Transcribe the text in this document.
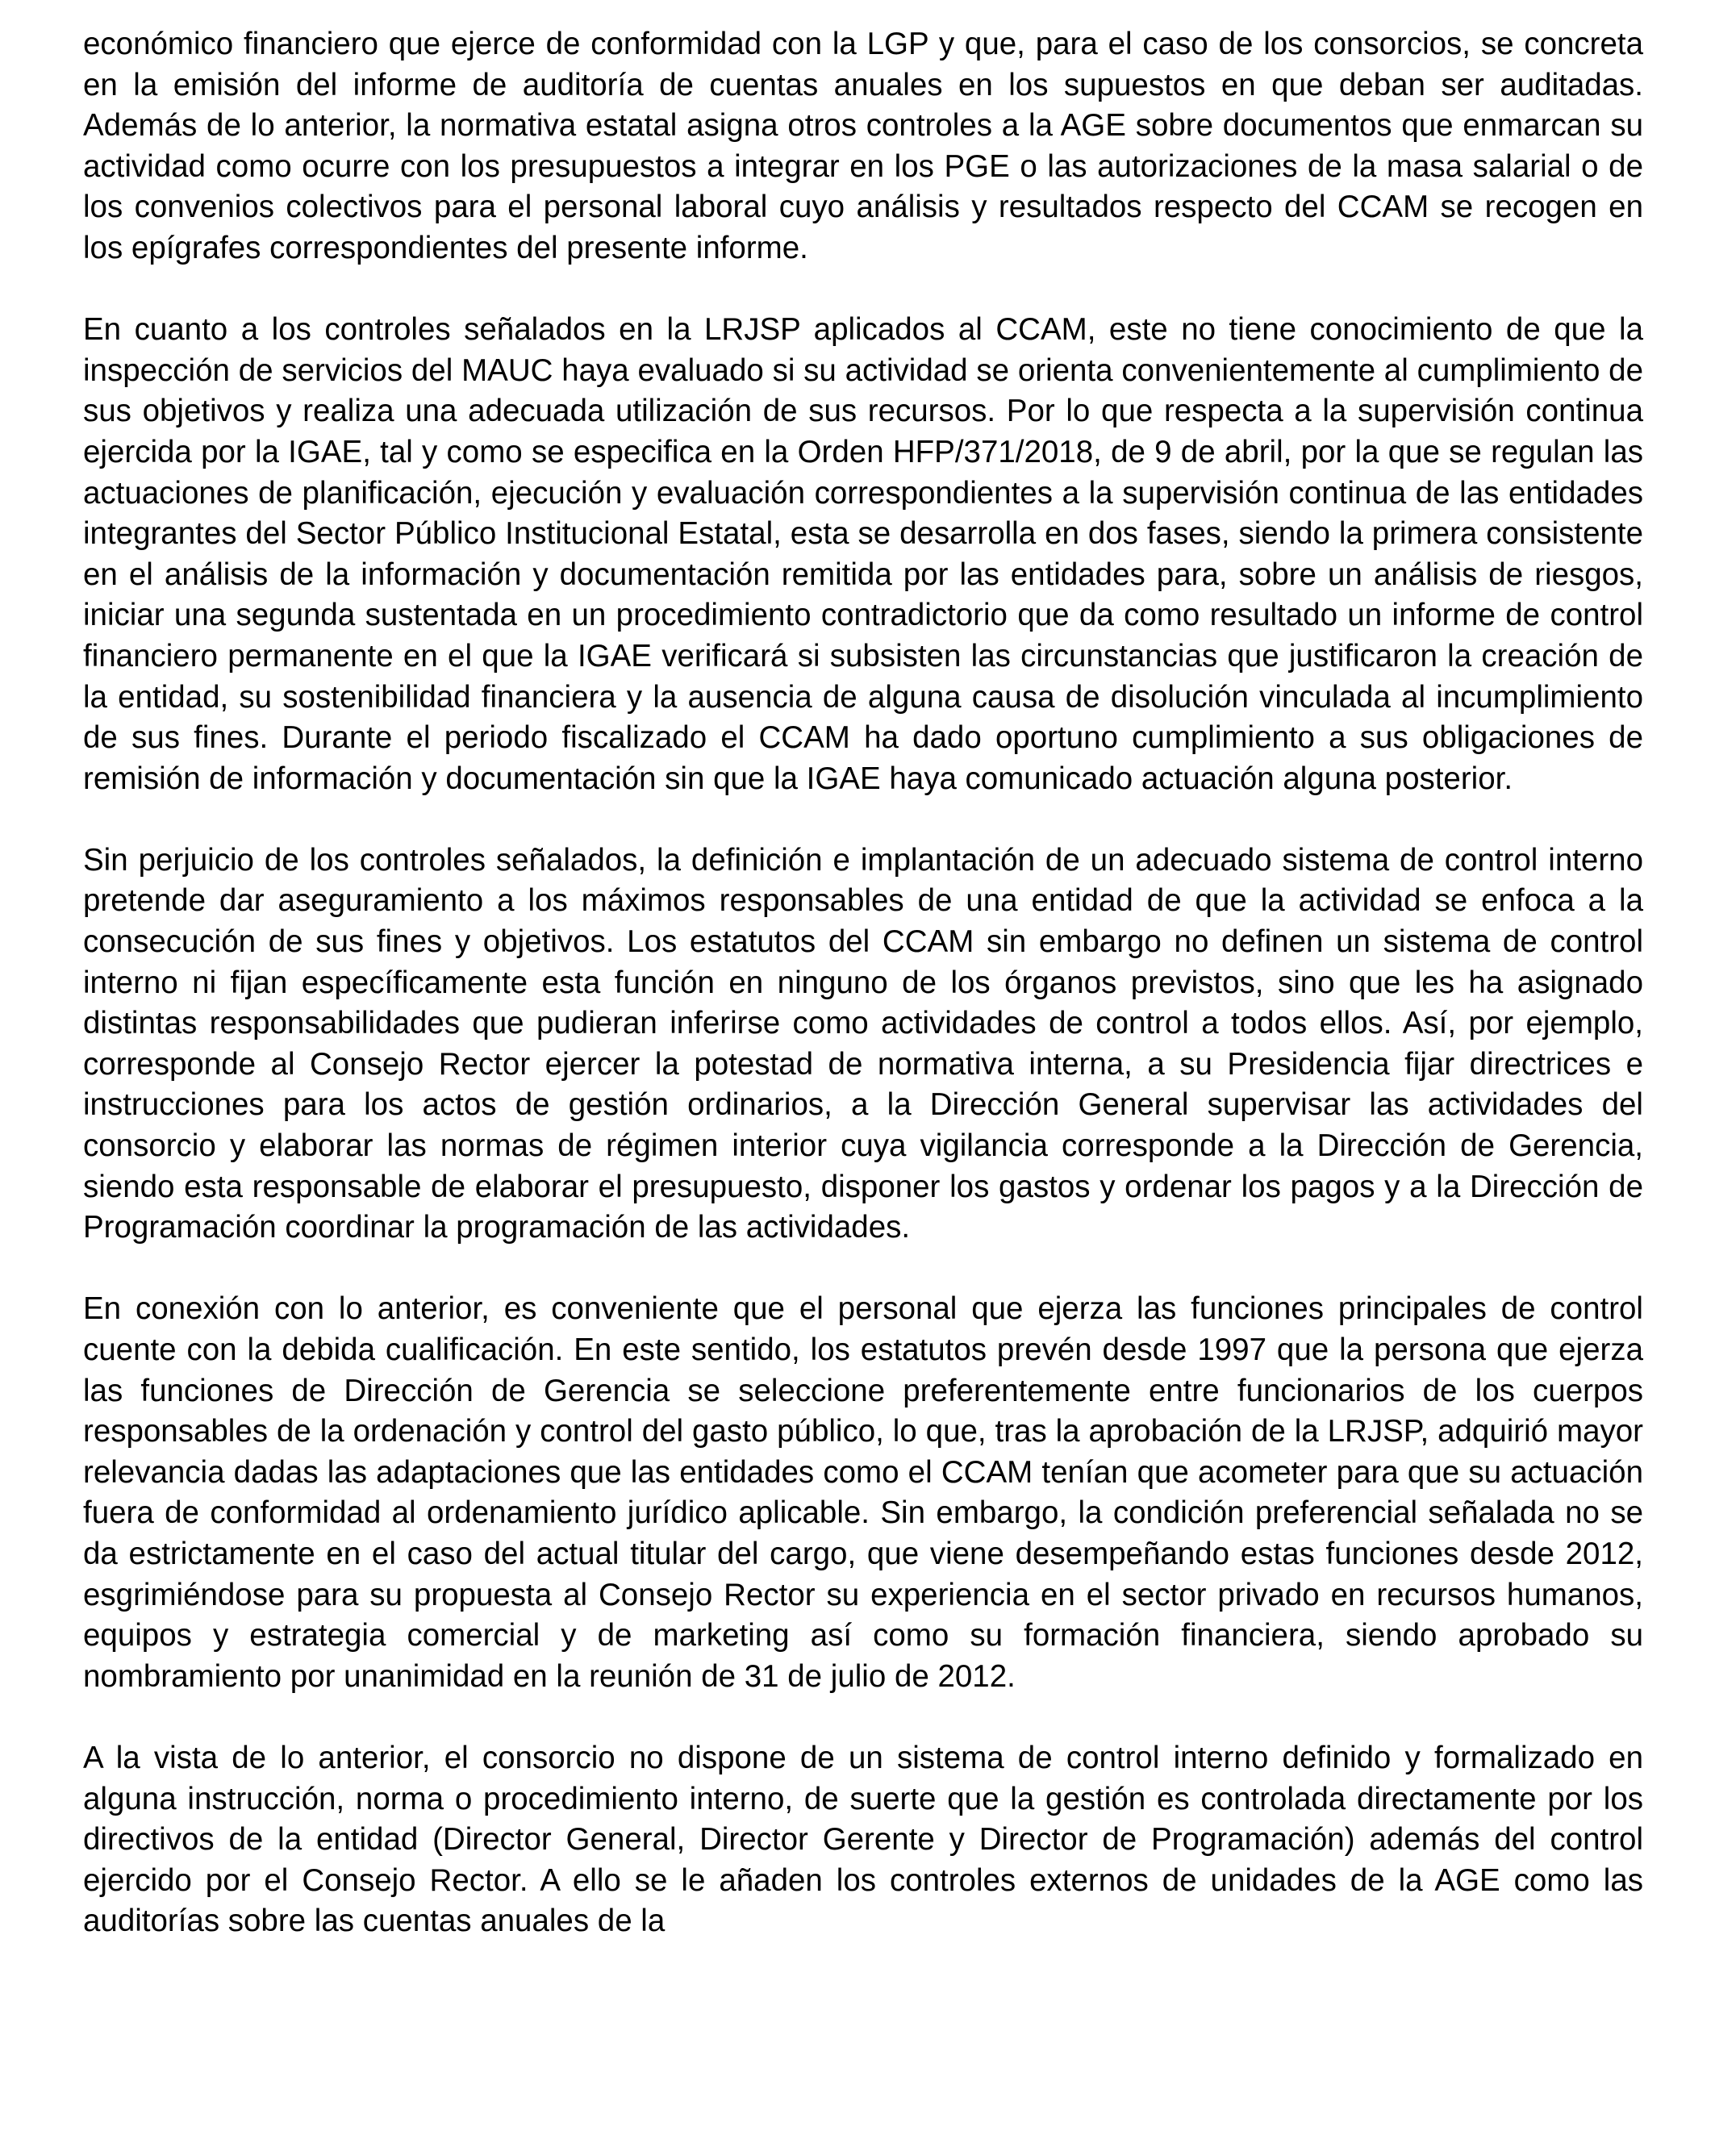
económico financiero que ejerce de conformidad con la LGP y que, para el caso de los consorcios, se concreta en la emisión del informe de auditoría de cuentas anuales en los supuestos en que deban ser auditadas. Además de lo anterior, la normativa estatal asigna otros controles a la AGE sobre documentos que enmarcan su actividad como ocurre con los presupuestos a integrar en los PGE o las autorizaciones de la masa salarial o de los convenios colectivos para el personal laboral cuyo análisis y resultados respecto del CCAM se recogen en los epígrafes correspondientes del presente informe.

En cuanto a los controles señalados en la LRJSP aplicados al CCAM, este no tiene conocimiento de que la inspección de servicios del MAUC haya evaluado si su actividad se orienta convenientemente al cumplimiento de sus objetivos y realiza una adecuada utilización de sus recursos. Por lo que respecta a la supervisión continua ejercida por la IGAE, tal y como se especifica en la Orden HFP/371/2018, de 9 de abril, por la que se regulan las actuaciones de planificación, ejecución y evaluación correspondientes a la supervisión continua de las entidades integrantes del Sector Público Institucional Estatal, esta se desarrolla en dos fases, siendo la primera consistente en el análisis de la información y documentación remitida por las entidades para, sobre un análisis de riesgos, iniciar una segunda sustentada en un procedimiento contradictorio que da como resultado un informe de control financiero permanente en el que la IGAE verificará si subsisten las circunstancias que justificaron la creación de la entidad, su sostenibilidad financiera y la ausencia de alguna causa de disolución vinculada al incumplimiento de sus fines. Durante el periodo fiscalizado el CCAM ha dado oportuno cumplimiento a sus obligaciones de remisión de información y documentación sin que la IGAE haya comunicado actuación alguna posterior.

Sin perjuicio de los controles señalados, la definición e implantación de un adecuado sistema de control interno pretende dar aseguramiento a los máximos responsables de una entidad de que la actividad se enfoca a la consecución de sus fines y objetivos. Los estatutos del CCAM sin embargo no definen un sistema de control interno ni fijan específicamente esta función en ninguno de los órganos previstos, sino que les ha asignado distintas responsabilidades que pudieran inferirse como actividades de control a todos ellos. Así, por ejemplo, corresponde al Consejo Rector ejercer la potestad de normativa interna, a su Presidencia fijar directrices e instrucciones para los actos de gestión ordinarios, a la Dirección General supervisar las actividades del consorcio y elaborar las normas de régimen interior cuya vigilancia corresponde a la Dirección de Gerencia, siendo esta responsable de elaborar el presupuesto, disponer los gastos y ordenar los pagos y a la Dirección de Programación coordinar la programación de las actividades.

En conexión con lo anterior, es conveniente que el personal que ejerza las funciones principales de control cuente con la debida cualificación. En este sentido, los estatutos prevén desde 1997 que la persona que ejerza las funciones de Dirección de Gerencia se seleccione preferentemente entre funcionarios de los cuerpos responsables de la ordenación y control del gasto público, lo que, tras la aprobación de la LRJSP, adquirió mayor relevancia dadas las adaptaciones que las entidades como el CCAM tenían que acometer para que su actuación fuera de conformidad al ordenamiento jurídico aplicable. Sin embargo, la condición preferencial señalada no se da estrictamente en el caso del actual titular del cargo, que viene desempeñando estas funciones desde 2012, esgrimiéndose para su propuesta al Consejo Rector su experiencia en el sector privado en recursos humanos, equipos y estrategia comercial y de marketing así como su formación financiera, siendo aprobado su nombramiento por unanimidad en la reunión de 31 de julio de 2012.

A la vista de lo anterior, el consorcio no dispone de un sistema de control interno definido y formalizado en alguna instrucción, norma o procedimiento interno, de suerte que la gestión es controlada directamente por los directivos de la entidad (Director General, Director Gerente y Director de Programación) además del control ejercido por el Consejo Rector. A ello se le añaden los controles externos de unidades de la AGE como las auditorías sobre las cuentas anuales de la
